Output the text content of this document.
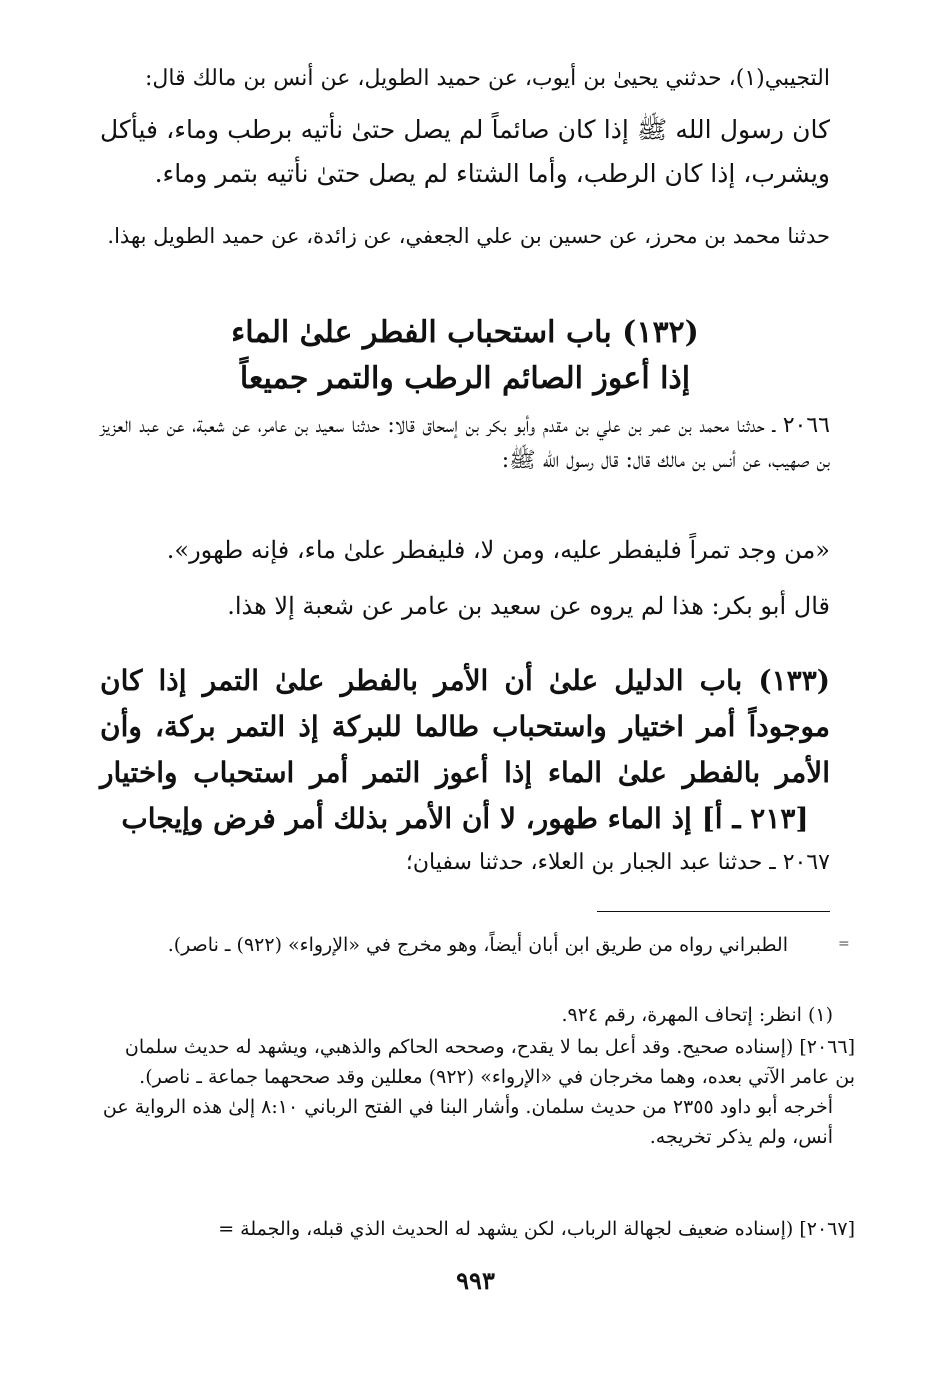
التجيبي(١)، حدثني يحيىٰ بن أيوب، عن حميد الطويل، عن أنس بن مالك قال:
كان رسول الله ﷺ إذا كان صائماً لم يصل حتىٰ نأتيه برطب وماء، فيأكل ويشرب، إذا كان الرطب، وأما الشتاء لم يصل حتىٰ نأتيه بتمر وماء.
حدثنا محمد بن محرز، عن حسين بن علي الجعفي، عن زائدة، عن حميد الطويل بهذا.
(١٣٢) باب استحباب الفطر علىٰ الماء
إذا أعوز الصائم الرطب والتمر جميعاً
٢٠٦٦ ـ حدثنا محمد بن عمر بن علي بن مقدم وأبو بكر بن إسحاق قالا: حدثنا سعيد بن عامر، عن شعبة، عن عبد العزيز بن صهيب، عن أنس بن مالك قال: قال رسول الله ﷺ:
«من وجد تمراً فليفطر عليه، ومن لا، فليفطر علىٰ ماء، فإنه طهور».
قال أبو بكر: هذا لم يروه عن سعيد بن عامر عن شعبة إلا هذا.
(١٣٣) باب الدليل علىٰ أن الأمر بالفطر علىٰ التمر إذا كان موجوداً أمر اختيار واستحباب طالما للبركة إذ التمر بركة، وأن الأمر بالفطر علىٰ الماء إذا أعوز التمر أمر استحباب واختيار [٢١٣ ـ أ] إذ الماء طهور، لا أن الأمر بذلك أمر فرض وإيجاب
٢٠٦٧ ـ حدثنا عبد الجبار بن العلاء، حدثنا سفيان؛
=
الطبراني رواه من طريق ابن أبان أيضاً، وهو مخرج في «الإرواء» (٩٢٢) ـ ناصر).
(١) انظر: إتحاف المهرة، رقم ٩٢٤.
[٢٠٦٦] (إسناده صحيح. وقد أعل بما لا يقدح، وصححه الحاكم والذهبي، ويشهد له حديث سلمان بن عامر الآتي بعده، وهما مخرجان في «الإرواء» (٩٢٢) معللين وقد صححهما جماعة ـ ناصر).
أخرجه أبو داود ٢٣٥٥ من حديث سلمان. وأشار البنا في الفتح الرباني ٨:١٠ إلىٰ هذه الرواية عن أنس، ولم يذكر تخريجه.
[٢٠٦٧] (إسناده ضعيف لجهالة الرباب، لكن يشهد له الحديث الذي قبله، والجملة =
٩٩٣
